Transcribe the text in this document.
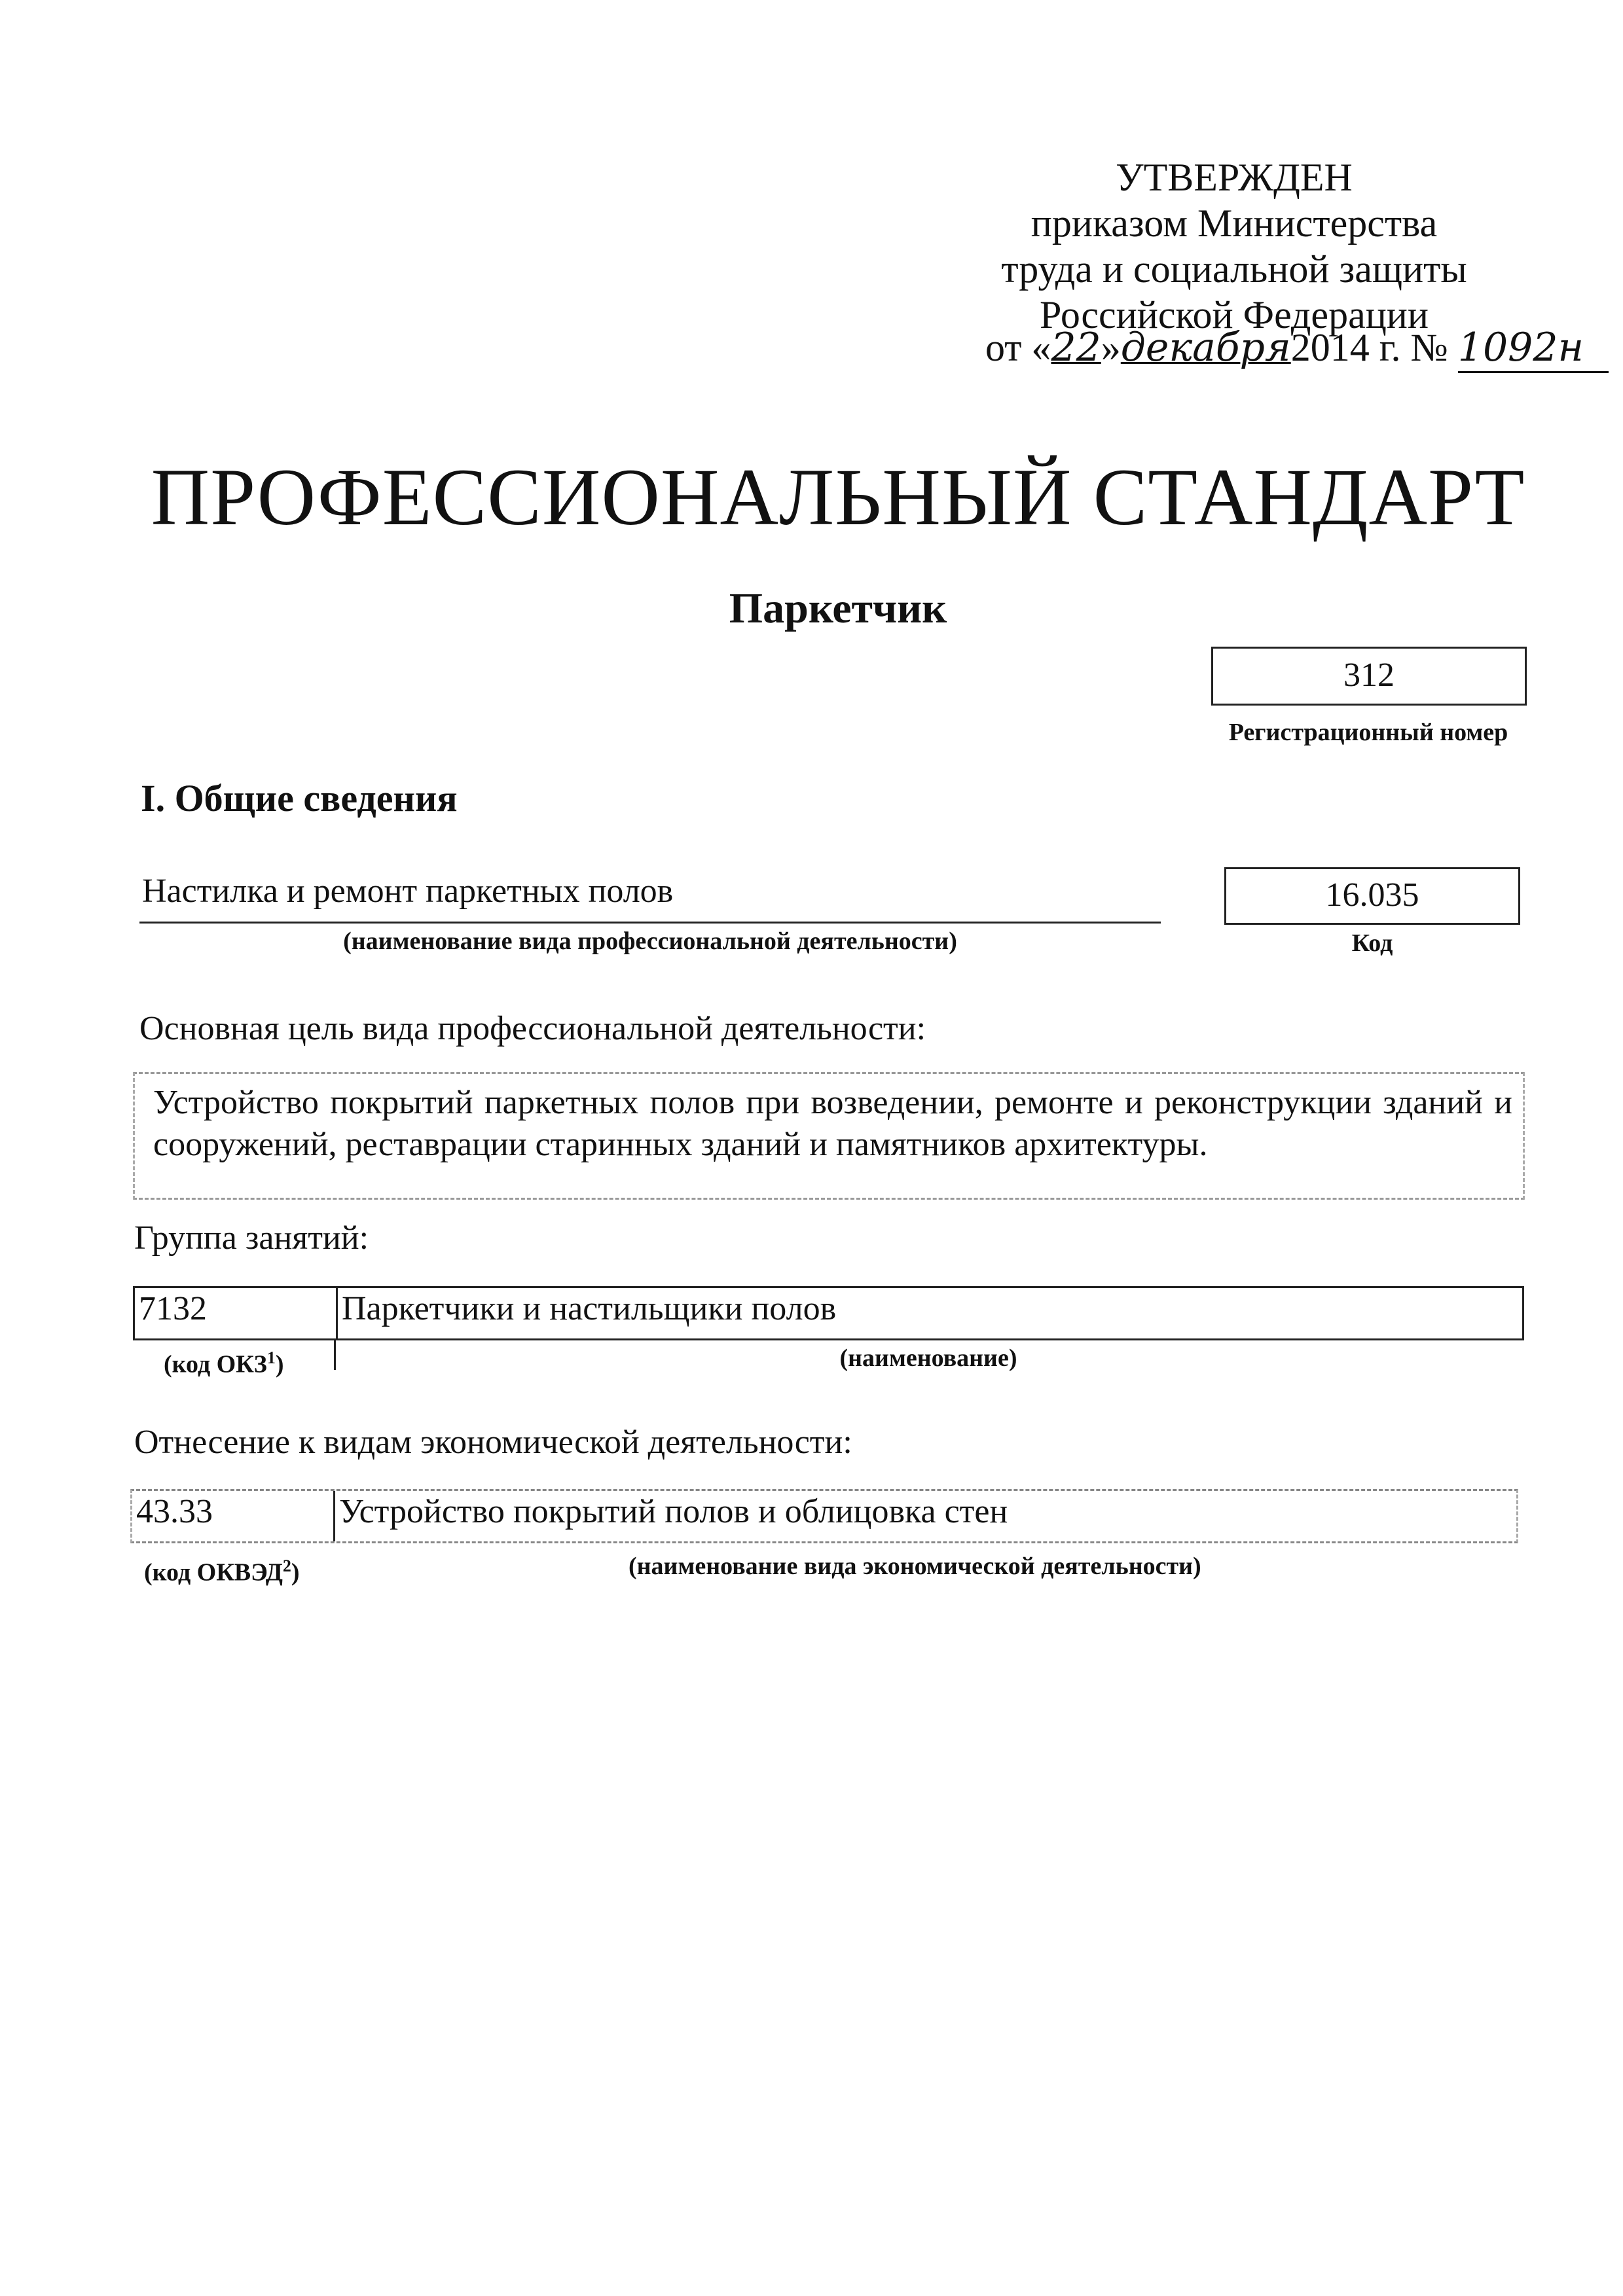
УТВЕРЖДЕН
приказом Министерства
труда и социальной защиты
Российской Федерации
от «22»декабря2014 г. № 1092н
ПРОФЕССИОНАЛЬНЫЙ СТАНДАРТ
Паркетчик
312
Регистрационный номер
I. Общие сведения
Настилка и ремонт паркетных полов
(наименование вида профессиональной деятельности)
16.035
Код
Основная цель вида профессиональной деятельности:
Устройство покрытий паркетных полов при возведении, ремонте и реконструкции зданий и сооружений, реставрации старинных зданий и памятников архитектуры.
Группа занятий:
7132	Паркетчики и настильщики полов
(код ОКЗ$^1$)	(наименование)
Отнесение к видам экономической деятельности:
43.33	Устройство покрытий полов и облицовка стен
(код ОКВЭД$^2$)	(наименование вида экономической деятельности)
